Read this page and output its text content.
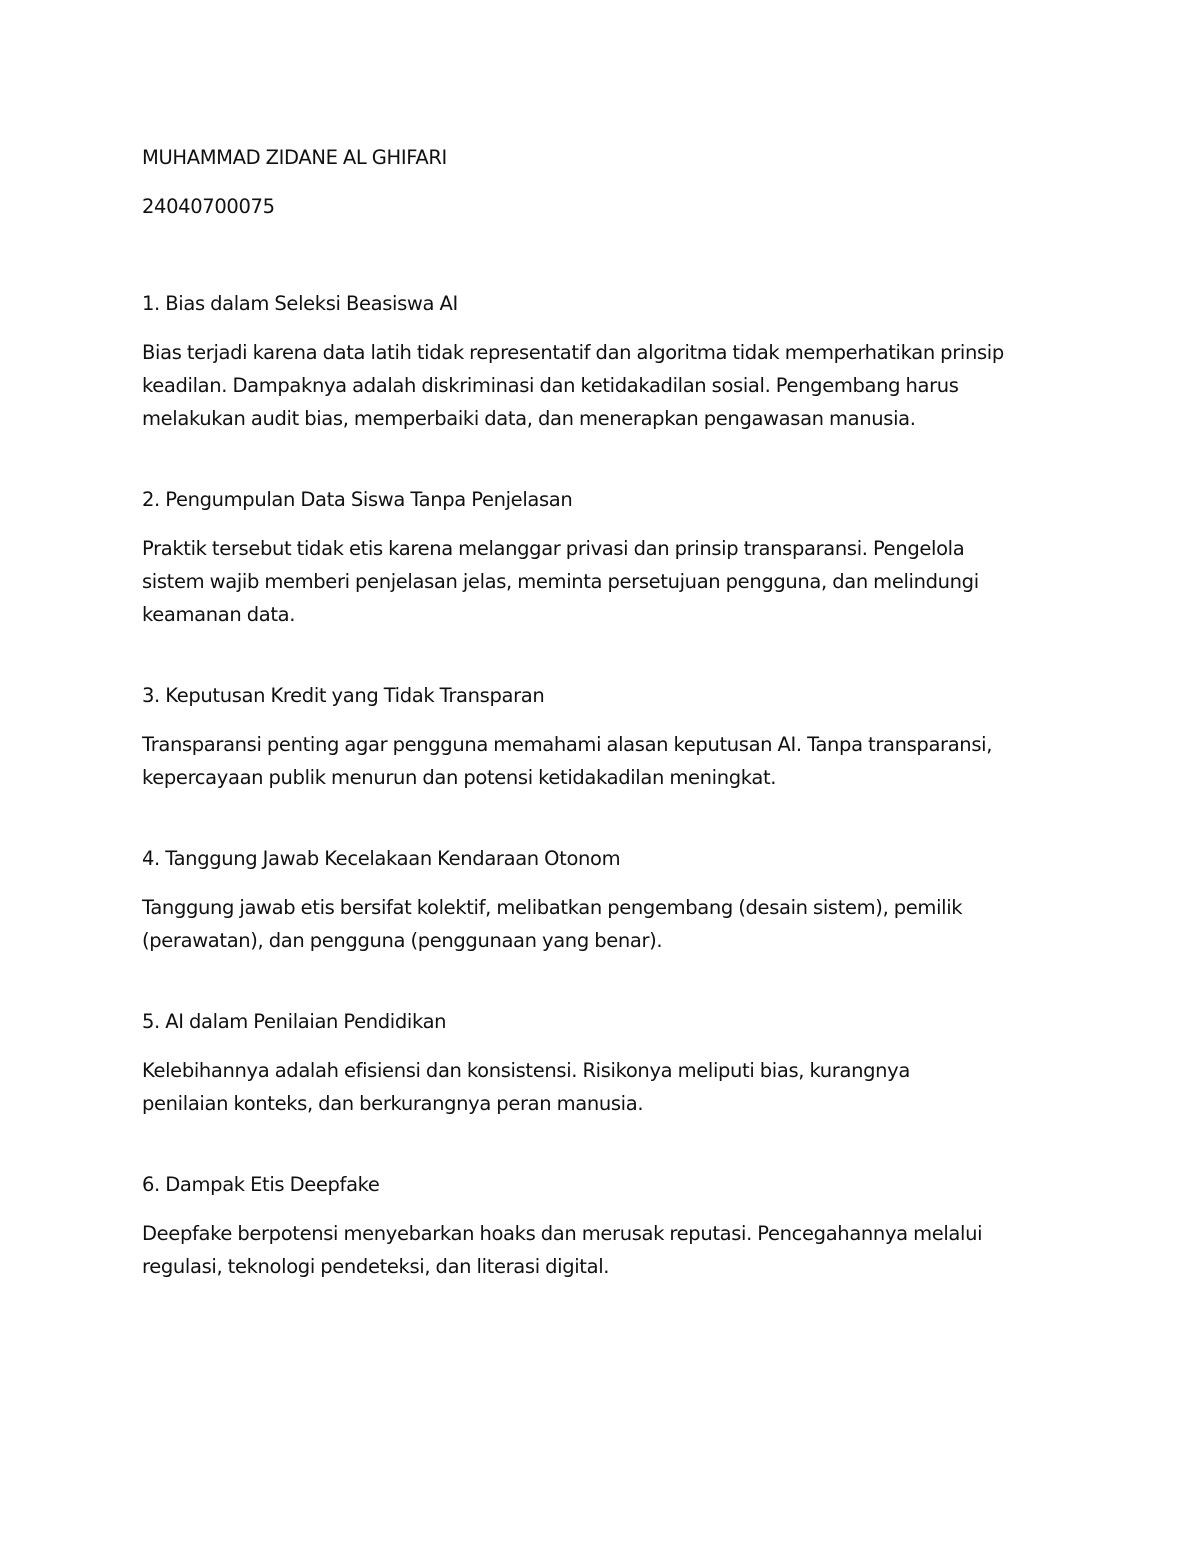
MUHAMMAD ZIDANE AL GHIFARI

24040700075

1. Bias dalam Seleksi Beasiswa AI

Bias terjadi karena data latih tidak representatif dan algoritma tidak memperhatikan prinsip
keadilan. Dampaknya adalah diskriminasi dan ketidakadilan sosial. Pengembang harus
melakukan audit bias, memperbaiki data, dan menerapkan pengawasan manusia.

2. Pengumpulan Data Siswa Tanpa Penjelasan

Praktik tersebut tidak etis karena melanggar privasi dan prinsip transparansi. Pengelola
sistem wajib memberi penjelasan jelas, meminta persetujuan pengguna, dan melindungi
keamanan data.

3. Keputusan Kredit yang Tidak Transparan

Transparansi penting agar pengguna memahami alasan keputusan AI. Tanpa transparansi,
kepercayaan publik menurun dan potensi ketidakadilan meningkat.

4. Tanggung Jawab Kecelakaan Kendaraan Otonom

Tanggung jawab etis bersifat kolektif, melibatkan pengembang (desain sistem), pemilik
(perawatan), dan pengguna (penggunaan yang benar).

5. AI dalam Penilaian Pendidikan

Kelebihannya adalah efisiensi dan konsistensi. Risikonya meliputi bias, kurangnya
penilaian konteks, dan berkurangnya peran manusia.

6. Dampak Etis Deepfake

Deepfake berpotensi menyebarkan hoaks dan merusak reputasi. Pencegahannya melalui
regulasi, teknologi pendeteksi, dan literasi digital.
